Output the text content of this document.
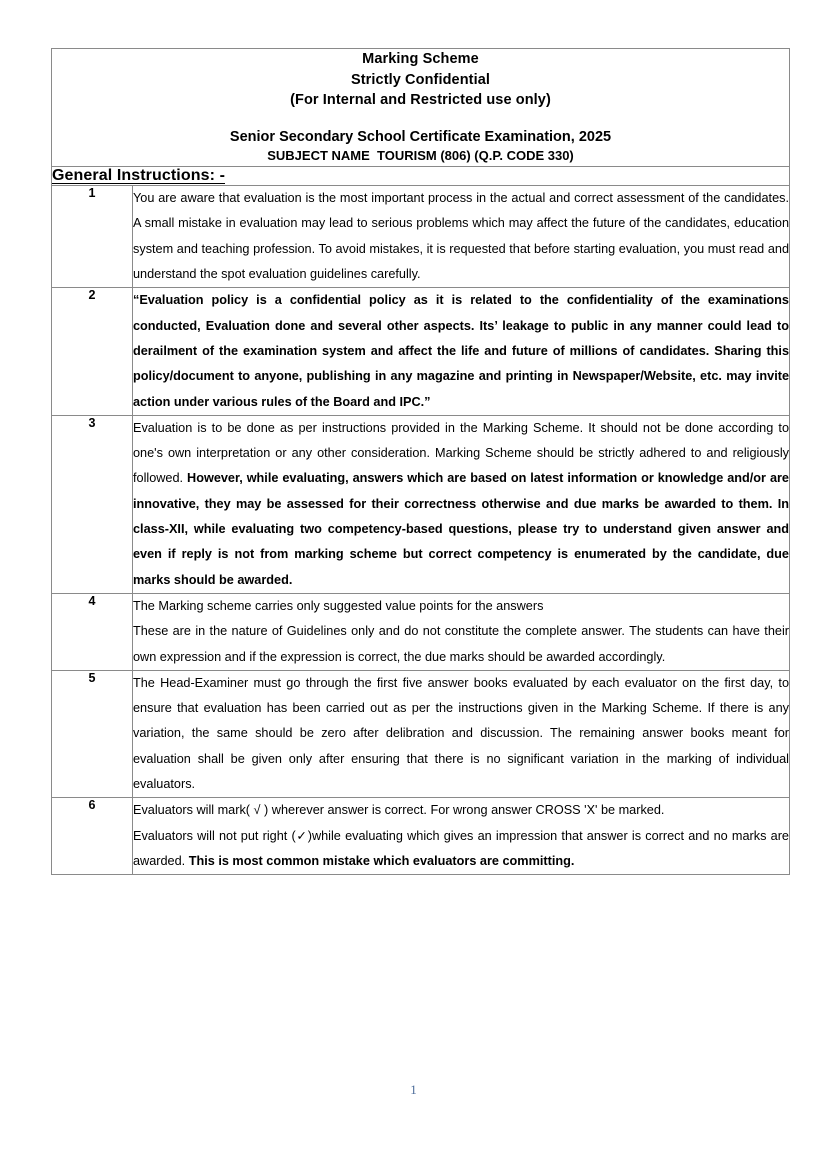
Marking Scheme
Strictly Confidential
(For Internal and Restricted use only)
Senior Secondary School Certificate Examination, 2025
SUBJECT NAME  TOURISM (806) (Q.P. CODE 330)	

General Instructions: -	
1	You are aware that evaluation is the most important process in the actual and correct assessment of the candidates. A small mistake in evaluation may lead to serious problems which may affect the future of the candidates, education system and teaching profession. To avoid mistakes, it is requested that before starting evaluation, you must read and understand the spot evaluation guidelines carefully.

2	“Evaluation policy is a confidential policy as it is related to the confidentiality of the examinations conducted, Evaluation done and several other aspects. Its’ leakage to public in any manner could lead to derailment of the examination system and affect the life and future of millions of candidates. Sharing this policy/document to anyone, publishing in any magazine and printing in Newspaper/Website, etc. may invite action under various rules of the Board and IPC.”

3	Evaluation is to be done as per instructions provided in the Marking Scheme. It should not be done according to one's own interpretation or any other consideration. Marking Scheme should be strictly adhered to and religiously followed. However, while evaluating, answers which are based on latest information or knowledge and/or are innovative, they may be assessed for their correctness otherwise and due marks be awarded to them. In class-XII, while evaluating two competency-based questions, please try to understand given answer and even if reply is not from marking scheme but correct competency is enumerated by the candidate, due marks should be awarded.

4	The Marking scheme carries only suggested value points for the answers

These are in the nature of Guidelines only and do not constitute the complete answer. The students can have their own expression and if the expression is correct, the due marks should be awarded accordingly.

5	The Head-Examiner must go through the first five answer books evaluated by each evaluator on the first day, to ensure that evaluation has been carried out as per the instructions given in the Marking Scheme. If there is any variation, the same should be zero after delibration and discussion. The remaining answer books meant for evaluation shall be given only after ensuring that there is no significant variation in the marking of individual evaluators.

6	Evaluators will mark( √ ) wherever answer is correct. For wrong answer CROSS 'X' be marked.

Evaluators will not put right (✓)while evaluating which gives an impression that answer is correct and no marks are awarded. This is most common mistake which evaluators are committing.

1
